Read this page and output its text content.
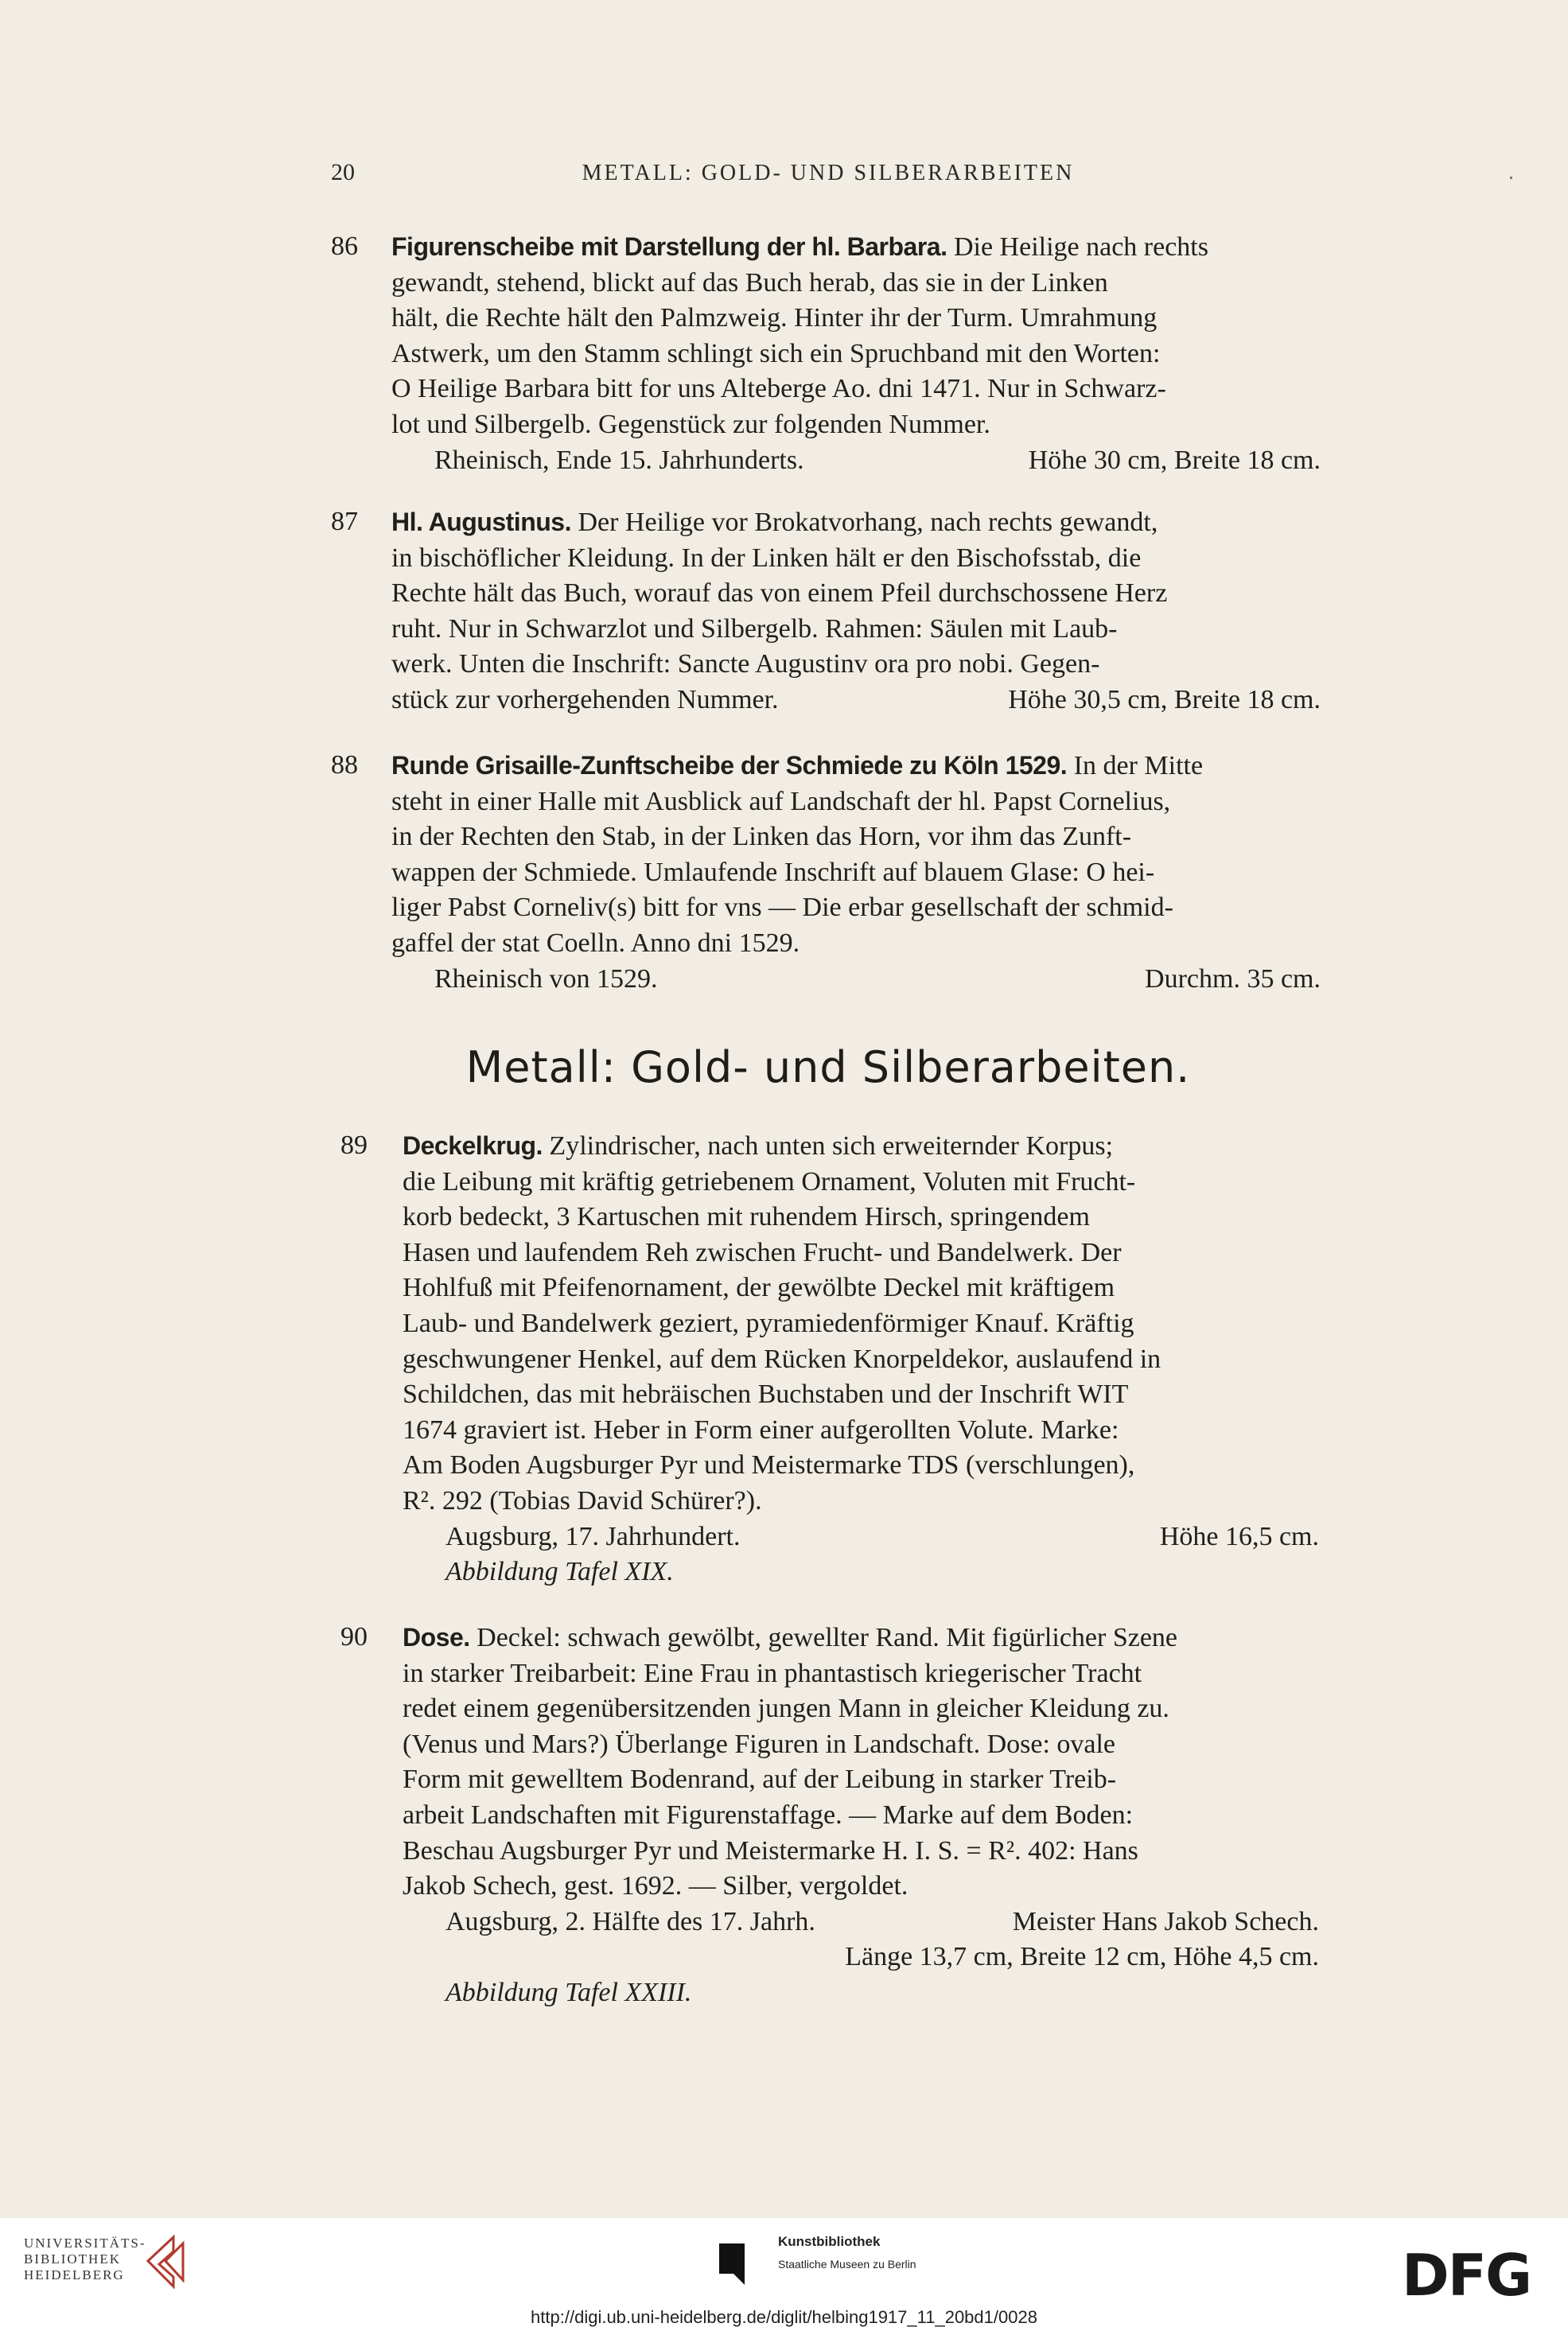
20	METALL: GOLD- UND SILBERARBEITEN
86 Figurenscheibe mit Darstellung der hl. Barbara. Die Heilige nach rechts
gewandt, stehend, blickt auf das Buch herab, das sie in der Linken
hält, die Rechte hält den Palmzweig. Hinter ihr der Turm. Umrahmung
Astwerk, um den Stamm schlingt sich ein Spruchband mit den Worten:
O Heilige Barbara bitt for uns Alteberge Ao. dni 1471. Nur in Schwarz-
lot und Silbergelb. Gegenstück zur folgenden Nummer.
Rheinisch, Ende 15. Jahrhunderts.	Höhe 30 cm, Breite 18 cm.
87 Hl. Augustinus. Der Heilige vor Brokatvorhang, nach rechts gewandt,
in bischöflicher Kleidung. In der Linken hält er den Bischofsstab, die
Rechte hält das Buch, worauf das von einem Pfeil durchschossene Herz
ruht. Nur in Schwarzlot und Silbergelb. Rahmen: Säulen mit Laub-
werk. Unten die Inschrift: Sancte Augustinv ora pro nobi. Gegen-
stück zur vorhergehenden Nummer.	Höhe 30,5 cm, Breite 18 cm.
88 Runde Grisaille-Zunftscheibe der Schmiede zu Köln 1529. In der Mitte
steht in einer Halle mit Ausblick auf Landschaft der hl. Papst Cornelius,
in der Rechten den Stab, in der Linken das Horn, vor ihm das Zunft-
wappen der Schmiede. Umlaufende Inschrift auf blauem Glase: O hei-
liger Pabst Corneliv(s) bitt for vns — Die erbar gesellschaft der schmid-
gaffel der stat Coelln. Anno dni 1529.
Rheinisch von 1529.	Durchm. 35 cm.
Metall: Gold- und Silberarbeiten.
89 Deckelkrug. Zylindrischer, nach unten sich erweiternder Korpus;
die Leibung mit kräftig getriebenem Ornament, Voluten mit Frucht-
korb bedeckt, 3 Kartuschen mit ruhendem Hirsch, springendem
Hasen und laufendem Reh zwischen Frucht- und Bandelwerk. Der
Hohlfuß mit Pfeifenornament, der gewölbte Deckel mit kräftigem
Laub- und Bandelwerk geziert, pyramiedenförmiger Knauf. Kräftig
geschwungener Henkel, auf dem Rücken Knorpeldekor, auslaufend in
Schildchen, das mit hebräischen Buchstaben und der Inschrift WIT
1674 graviert ist. Heber in Form einer aufgerollten Volute. Marke:
Am Boden Augsburger Pyr und Meistermarke TDS (verschlungen),
R². 292 (Tobias David Schürer?).
Augsburg, 17. Jahrhundert.	Höhe 16,5 cm.
Abbildung Tafel XIX.
90 Dose. Deckel: schwach gewölbt, gewellter Rand. Mit figürlicher Szene
in starker Treibarbeit: Eine Frau in phantastisch kriegerischer Tracht
redet einem gegenübersitzenden jungen Mann in gleicher Kleidung zu.
(Venus und Mars?) Überlange Figuren in Landschaft. Dose: ovale
Form mit gewelltem Bodenrand, auf der Leibung in starker Treib-
arbeit Landschaften mit Figurenstaffage. — Marke auf dem Boden:
Beschau Augsburger Pyr und Meistermarke H. I. S. = R². 402: Hans
Jakob Schech, gest. 1692. — Silber, vergoldet.
Augsburg, 2. Hälfte des 17. Jahrh.	Meister Hans Jakob Schech.
Länge 13,7 cm, Breite 12 cm, Höhe 4,5 cm.
Abbildung Tafel XXIII.
UNIVERSITÄTS-
BIBLIOTHEK
HEIDELBERG
Kunstbibliothek
Staatliche Museen zu Berlin	DFG
http://digi.ub.uni-heidelberg.de/diglit/helbing1917_11_20bd1/0028
